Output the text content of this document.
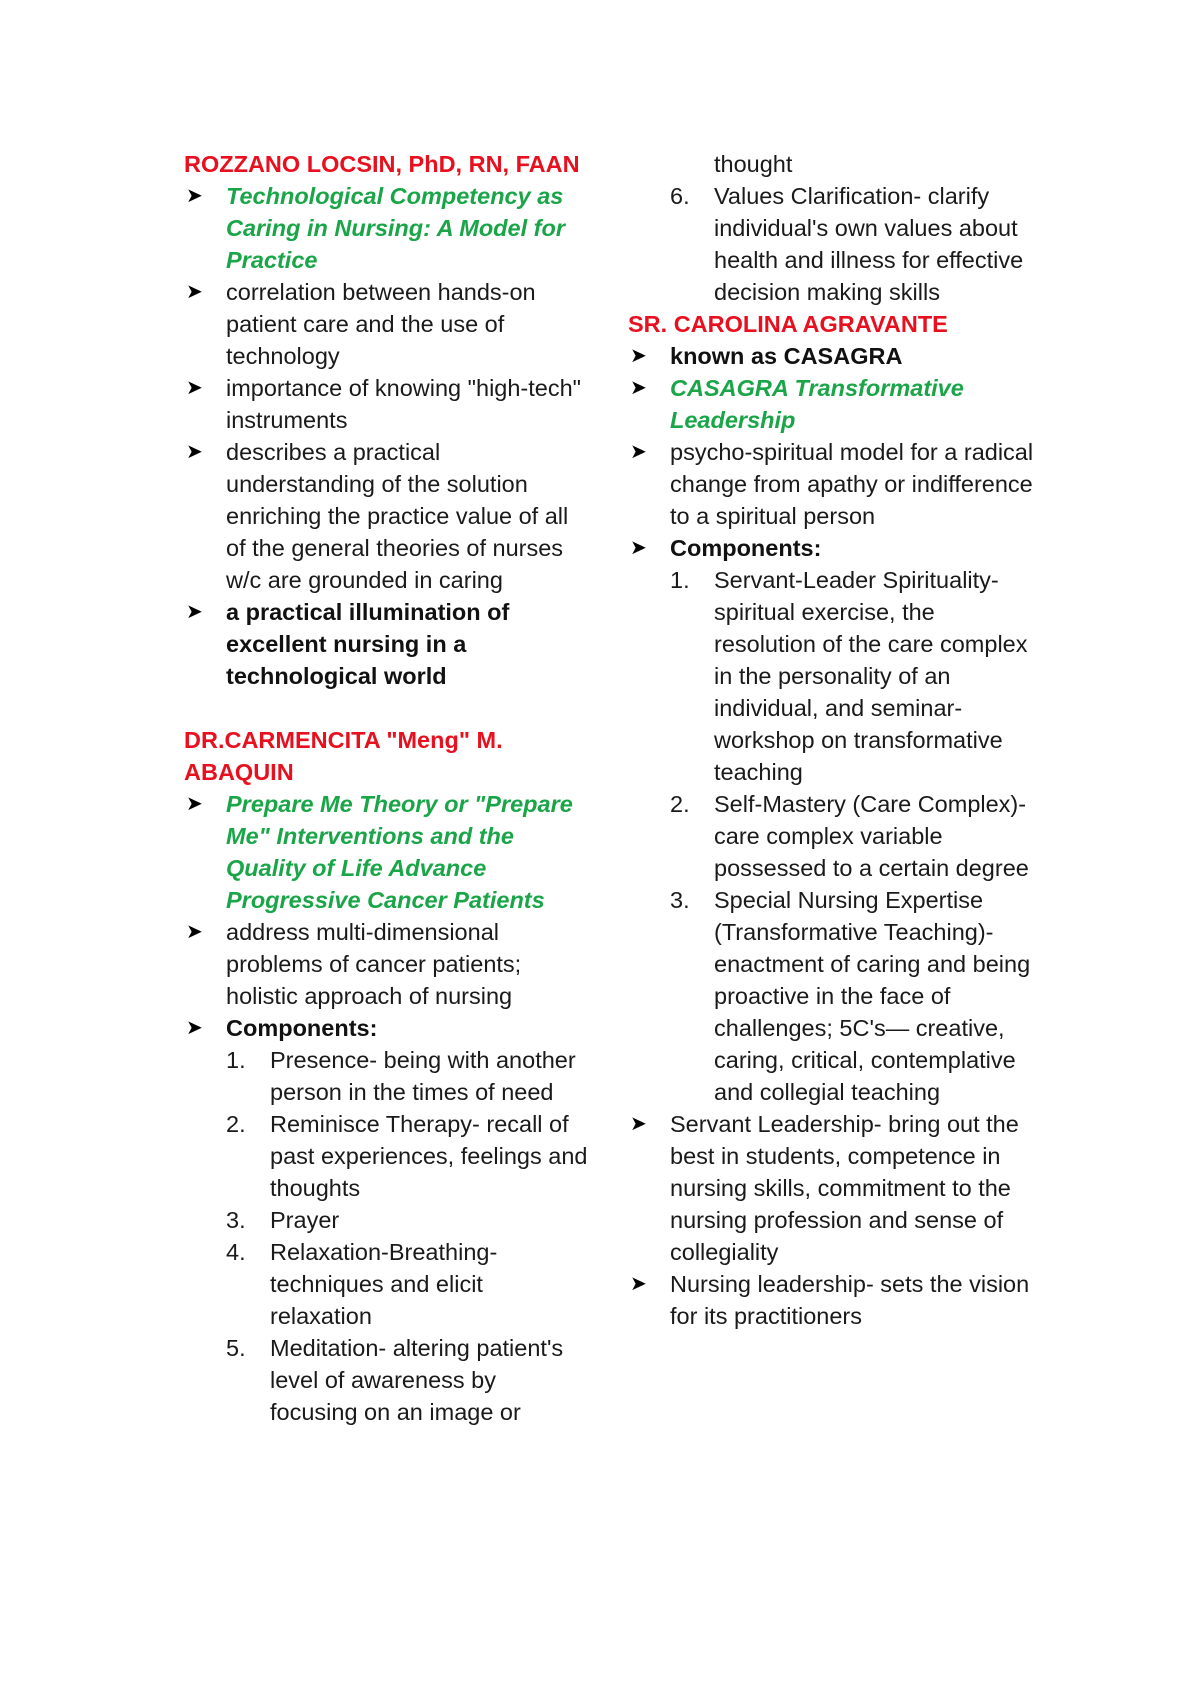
ROZZANO LOCSIN, PhD, RN, FAAN
➤ Technological Competency as Caring in Nursing: A Model for Practice
➤ correlation between hands-on patient care and the use of technology
➤ importance of knowing "high-tech" instruments
➤ describes a practical understanding of the solution enriching the practice value of all of the general theories of nurses w/c are grounded in caring
➤ a practical illumination of excellent nursing in a technological world
DR.CARMENCITA "Meng" M. ABAQUIN
➤ Prepare Me Theory or "Prepare Me" Interventions and the Quality of Life Advance Progressive Cancer Patients
➤ address multi-dimensional problems of cancer patients; holistic approach of nursing
➤ Components:
1. Presence- being with another person in the times of need
2. Reminisce Therapy- recall of past experiences, feelings and thoughts
3. Prayer
4. Relaxation-Breathing- techniques and elicit relaxation
5. Meditation- altering patient's level of awareness by focusing on an image or
thought
6. Values Clarification- clarify individual's own values about health and illness for effective decision making skills
SR. CAROLINA AGRAVANTE
➤ known as CASAGRA
➤ CASAGRA Transformative Leadership
➤ psycho-spiritual model for a radical change from apathy or indifference to a spiritual person
➤ Components:
1. Servant-Leader Spirituality- spiritual exercise, the resolution of the care complex in the personality of an individual, and seminar-workshop on transformative teaching
2. Self-Mastery (Care Complex)- care complex variable possessed to a certain degree
3. Special Nursing Expertise (Transformative Teaching)- enactment of caring and being proactive in the face of challenges; 5C's— creative, caring, critical, contemplative and collegial teaching
➤ Servant Leadership- bring out the best in students, competence in nursing skills, commitment to the nursing profession and sense of collegiality
➤ Nursing leadership- sets the vision for its practitioners
